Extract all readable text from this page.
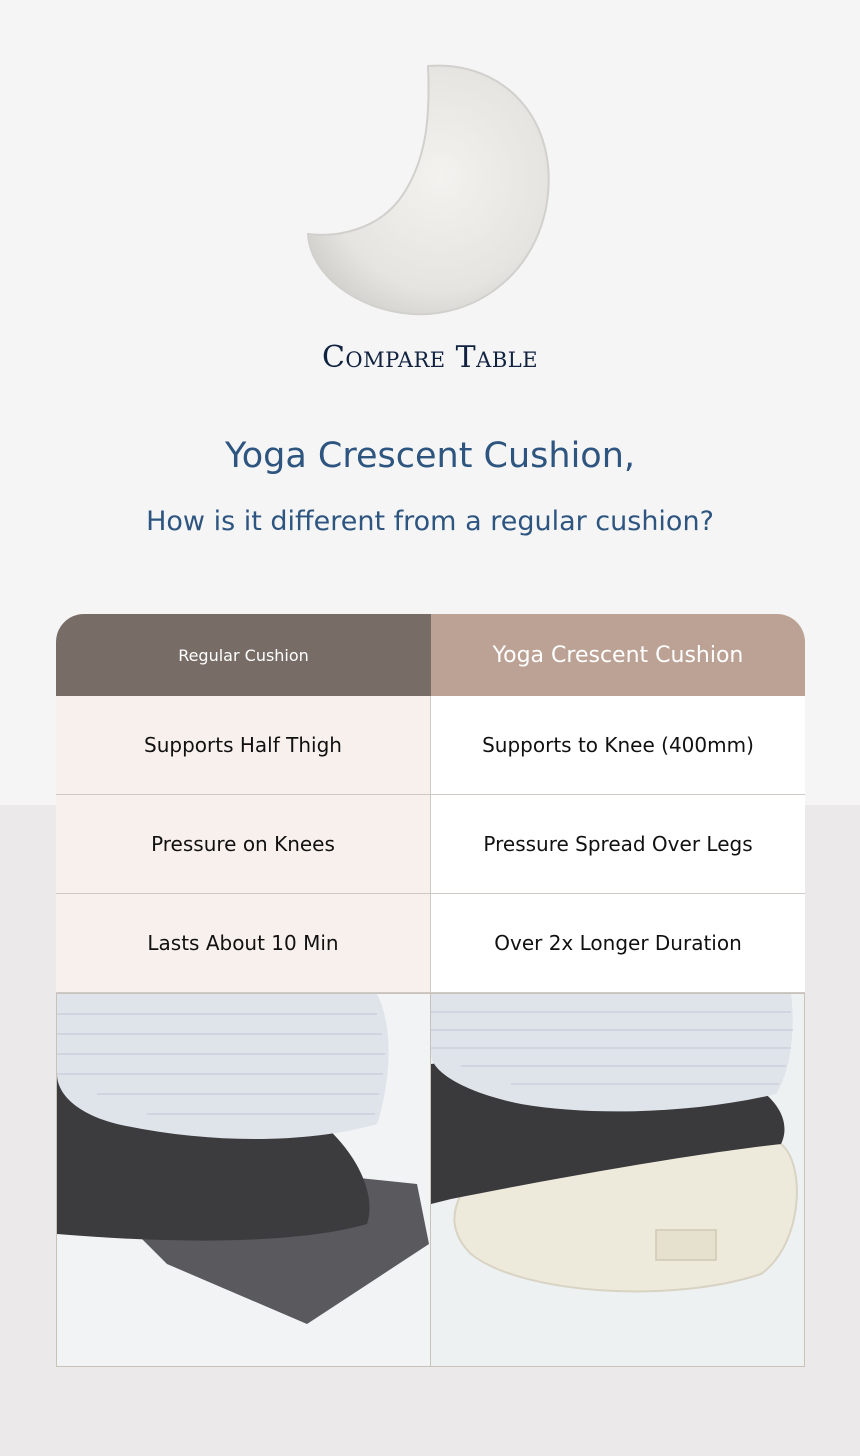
Compare Table
Yoga Crescent Cushion,
How is it different from a regular cushion?
Regular Cushion	Yoga Crescent Cushion
Supports Half Thigh	Supports to Knee (400mm)
Pressure on Knees	Pressure Spread Over Legs
Lasts About 10 Min	Over 2x Longer Duration
